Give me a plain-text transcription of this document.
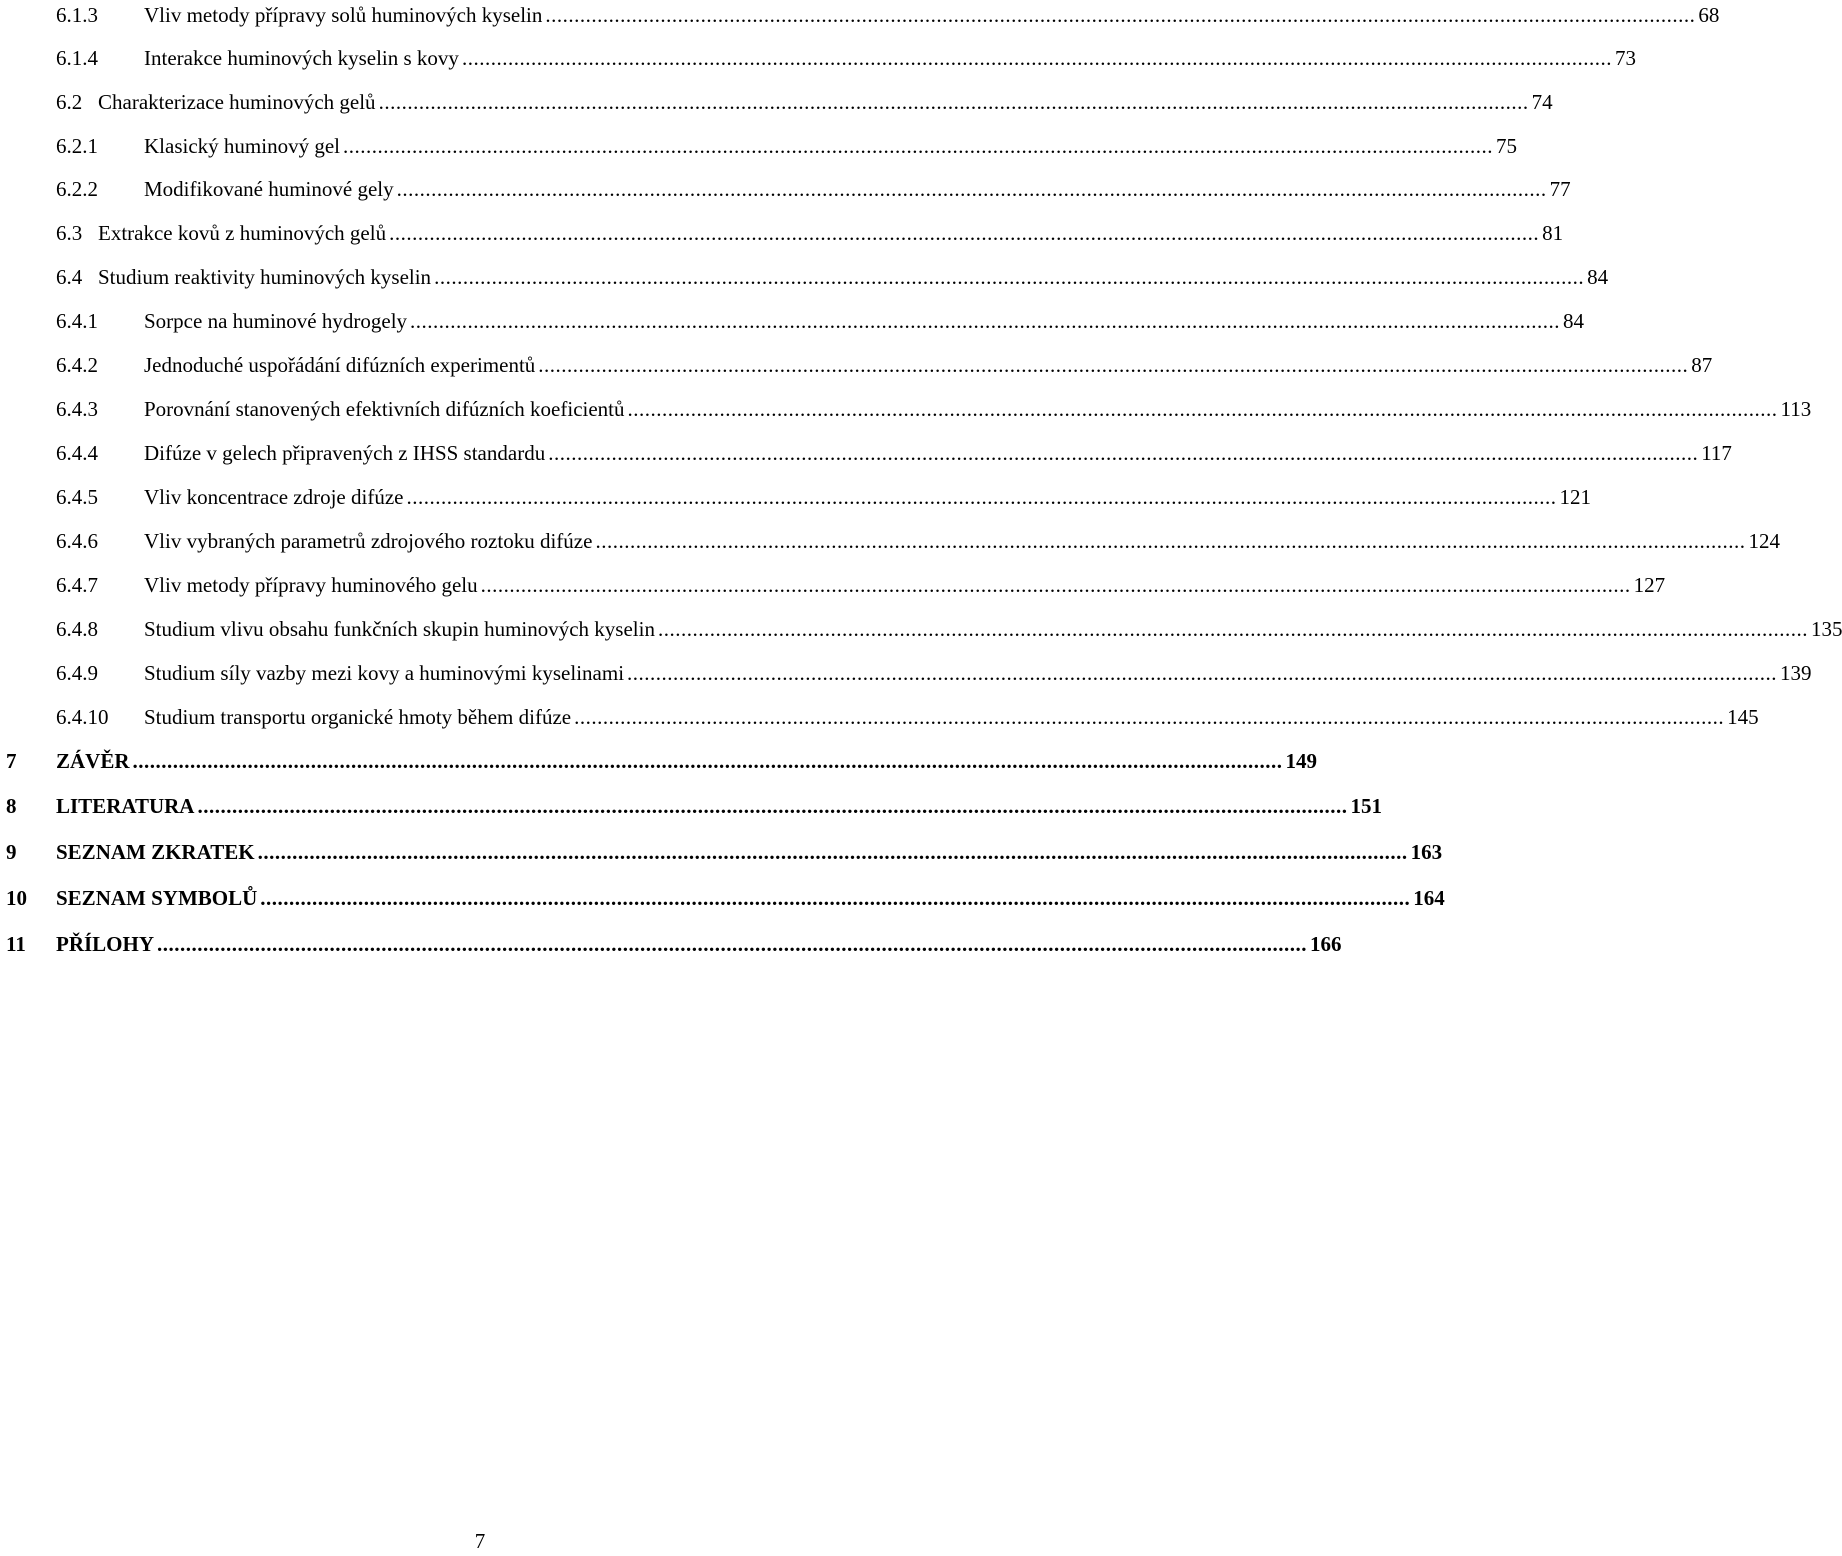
6.1.3 Vliv metody přípravy solů huminových kyselin ........................................................................................................................................................................................................ 68
6.1.4 Interakce huminových kyselin s kovy ........................................................................................................................................................................................................ 73
6.2 Charakterizace huminových gelů ........................................................................................................................................................................................................ 74
6.2.1 Klasický huminový gel ........................................................................................................................................................................................................ 75
6.2.2 Modifikované huminové gely ........................................................................................................................................................................................................ 77
6.3 Extrakce kovů z huminových gelů ........................................................................................................................................................................................................ 81
6.4 Studium reaktivity huminových kyselin ........................................................................................................................................................................................................ 84
6.4.1 Sorpce na huminové hydrogely ........................................................................................................................................................................................................ 84
6.4.2 Jednoduché uspořádání difúzních experimentů ........................................................................................................................................................................................................ 87
6.4.3 Porovnání stanovených efektivních difúzních koeficientů ........................................................................................................................................................................................................ 113
6.4.4 Difúze v gelech připravených z IHSS standardu ........................................................................................................................................................................................................ 117
6.4.5 Vliv koncentrace zdroje difúze ........................................................................................................................................................................................................ 121
6.4.6 Vliv vybraných parametrů zdrojového roztoku difúze ........................................................................................................................................................................................................ 124
6.4.7 Vliv metody přípravy huminového gelu ........................................................................................................................................................................................................ 127
6.4.8 Studium vlivu obsahu funkčních skupin huminových kyselin ........................................................................................................................................................................................................ 135
6.4.9 Studium síly vazby mezi kovy a huminovými kyselinami ........................................................................................................................................................................................................ 139
6.4.10 Studium transportu organické hmoty během difúze ........................................................................................................................................................................................................ 145
7 ZÁVĚR ........................................................................................................................................................................................................ 149
8 LITERATURA ........................................................................................................................................................................................................ 151
9 SEZNAM ZKRATEK ........................................................................................................................................................................................................ 163
10 SEZNAM SYMBOLŮ ........................................................................................................................................................................................................ 164
11 PŘÍLOHY ........................................................................................................................................................................................................ 166
7
